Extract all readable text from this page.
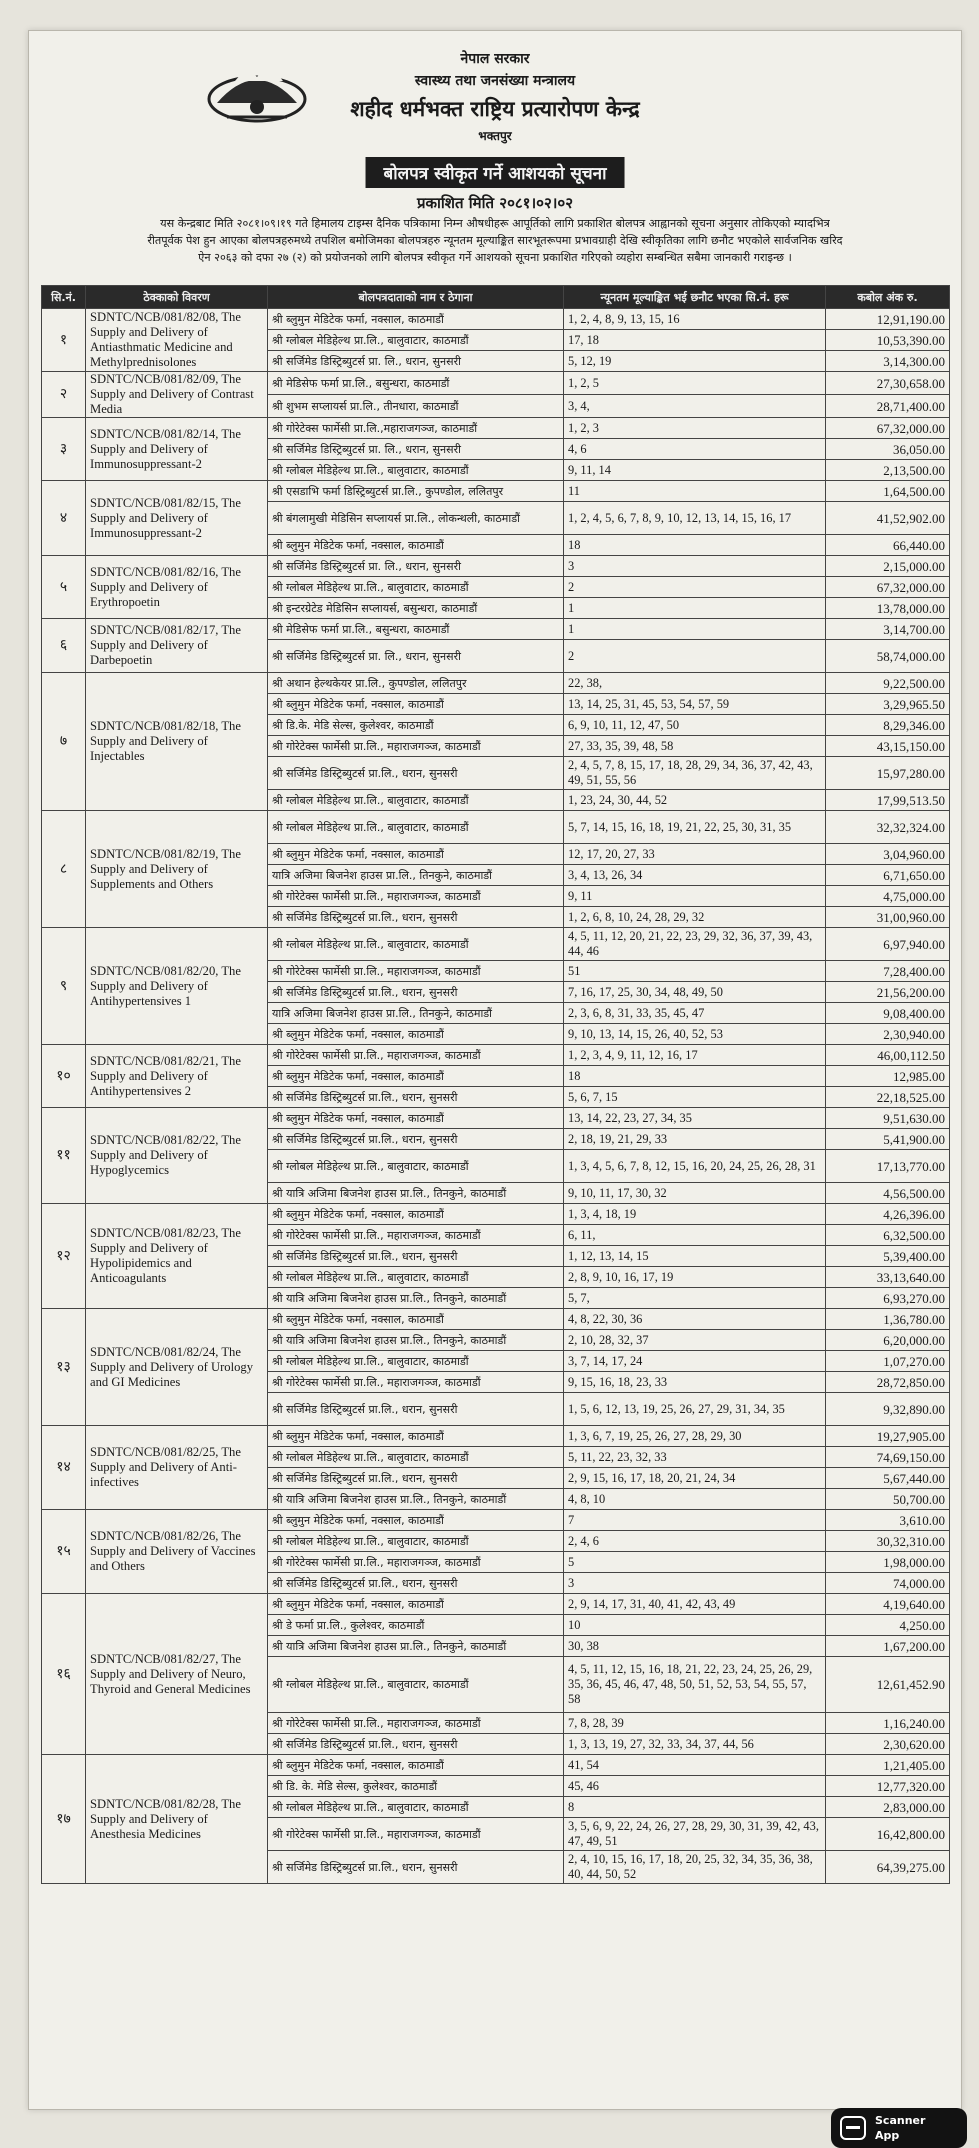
नेपाल सरकार
स्वास्थ्य तथा जनसंख्या मन्त्रालय
शहीद धर्मभक्त राष्ट्रिय प्रत्यारोपण केन्द्र
भक्तपुर
बोलपत्र स्वीकृत गर्ने आशयको सूचना
प्रकाशित मिति २०८१।०२।०२
यस केन्द्रबाट मिति २०८१।०९।१९ गते हिमालय टाइम्स दैनिक पत्रिकामा निम्न औषधीहरू आपूर्तिको लागि प्रकाशित बोलपत्र आह्वानको सूचना अनुसार तोकिएको म्यादभित्र
रीतपूर्वक पेश हुन आएका बोलपत्रहरुमध्ये तपशिल बमोजिमका बोलपत्रहरु न्यूनतम मूल्याङ्कित सारभूतरूपमा प्रभावग्राही देखि स्वीकृतिका लागि छनौट भएकोले सार्वजनिक खरिद
ऐन २०६३ को दफा २७ (२) को प्रयोजनको लागि बोलपत्र स्वीकृत गर्ने आशयको सूचना प्रकाशित गरिएको व्यहोरा सम्बन्धित सबैमा जानकारी गराइन्छ ।
सि.नं.	ठेक्काको विवरण	बोलपत्रदाताको नाम र ठेगाना	न्यूनतम मूल्याङ्कित भई छनौट भएका सि.नं. हरू	कबोल अंक रु.
१	SDNTC/NCB/081/82/08, The Supply and Delivery of Antiasthmatic Medicine and Methylprednisolones	श्री ब्लुमुन मेडिटेक फर्मा, नक्साल, काठमाडौं	1, 2, 4, 8, 9, 13, 15, 16	12,91,190.00
		श्री ग्लोबल मेडिहेल्थ प्रा.लि., बालुवाटार, काठमाडौं	17, 18	10,53,390.00
		श्री सर्जिमेड डिस्ट्रिब्युटर्स प्रा. लि., धरान, सुनसरी	5, 12, 19	3,14,300.00
२	SDNTC/NCB/081/82/09, The Supply and Delivery of Contrast Media	श्री मेडिसेफ फर्मा प्रा.लि., बसुन्धरा, काठमाडौं	1, 2, 5	27,30,658.00
		श्री शुभम सप्लायर्स प्रा.लि., तीनधारा, काठमाडौं	3, 4,	28,71,400.00
३	SDNTC/NCB/081/82/14, The Supply and Delivery of Immunosuppressant-2	श्री गोरेटेक्स फार्मेसी प्रा.लि.,महाराजगञ्ज, काठमाडौं	1, 2, 3	67,32,000.00
		श्री सर्जिमेड डिस्ट्रिब्युटर्स प्रा. लि., धरान, सुनसरी	4, 6	36,050.00
		श्री ग्लोबल मेडिहेल्थ प्रा.लि., बालुवाटार, काठमाडौं	9, 11, 14	2,13,500.00
४	SDNTC/NCB/081/82/15, The Supply and Delivery of Immunosuppressant-2	श्री एसडाभि फर्मा डिस्ट्रिब्युटर्स प्रा.लि., कुपण्डोल, ललितपुर	11	1,64,500.00
		श्री बंगलामुखी मेडिसिन सप्लायर्स प्रा.लि., लोकन्थली, काठमाडौं	1, 2, 4, 5, 6, 7, 8, 9, 10, 12, 13, 14, 15, 16, 17	41,52,902.00
		श्री ब्लुमुन मेडिटेक फर्मा, नक्साल, काठमाडौं	18	66,440.00
५	SDNTC/NCB/081/82/16, The Supply and Delivery of Erythropoetin	श्री सर्जिमेड डिस्ट्रिब्युटर्स प्रा. लि., धरान, सुनसरी	3	2,15,000.00
		श्री ग्लोबल मेडिहेल्थ प्रा.लि., बालुवाटार, काठमाडौं	2	67,32,000.00
		श्री इन्टरग्रेटेड मेडिसिन सप्लायर्स, बसुन्धरा, काठमाडौं	1	13,78,000.00
६	SDNTC/NCB/081/82/17, The Supply and Delivery of Darbepoetin	श्री मेडिसेफ फर्मा प्रा.लि., बसुन्धरा, काठमाडौं	1	3,14,700.00
		श्री सर्जिमेड डिस्ट्रिब्युटर्स प्रा. लि., धरान, सुनसरी	2	58,74,000.00
७	SDNTC/NCB/081/82/18, The Supply and Delivery of Injectables	श्री अथान हेल्थकेयर प्रा.लि., कुपण्डोल, ललितपुर	22, 38,	9,22,500.00
		श्री ब्लुमुन मेडिटेक फर्मा, नक्साल, काठमाडौं	13, 14, 25, 31, 45, 53, 54, 57, 59	3,29,965.50
		श्री डि.के. मेडि सेल्स, कुलेश्वर, काठमाडौं	6, 9, 10, 11, 12, 47, 50	8,29,346.00
		श्री गोरेटेक्स फार्मेसी प्रा.लि., महाराजगञ्ज, काठमाडौं	27, 33, 35, 39, 48, 58	43,15,150.00
		श्री सर्जिमेड डिस्ट्रिब्युटर्स प्रा.लि., धरान, सुनसरी	2, 4, 5, 7, 8, 15, 17, 18, 28, 29, 34, 36, 37, 42, 43, 49, 51, 55, 56	15,97,280.00
		श्री ग्लोबल मेडिहेल्थ प्रा.लि., बालुवाटार, काठमाडौं	1, 23, 24, 30, 44, 52	17,99,513.50
८	SDNTC/NCB/081/82/19, The Supply and Delivery of Supplements and Others	श्री ग्लोबल मेडिहेल्थ प्रा.लि., बालुवाटार, काठमाडौं	5, 7, 14, 15, 16, 18, 19, 21, 22, 25, 30, 31, 35	32,32,324.00
		श्री ब्लुमुन मेडिटेक फर्मा, नक्साल, काठमाडौं	12, 17, 20, 27, 33	3,04,960.00
		यात्रि अजिमा बिजनेश हाउस प्रा.लि., तिनकुने, काठमाडौं	3, 4, 13, 26, 34	6,71,650.00
		श्री गोरेटेक्स फार्मेसी प्रा.लि., महाराजगञ्ज, काठमाडौं	9, 11	4,75,000.00
		श्री सर्जिमेड डिस्ट्रिब्युटर्स प्रा.लि., धरान, सुनसरी	1, 2, 6, 8, 10, 24, 28, 29, 32	31,00,960.00
९	SDNTC/NCB/081/82/20, The Supply and Delivery of Antihypertensives 1	श्री ग्लोबल मेडिहेल्थ प्रा.लि., बालुवाटार, काठमाडौं	4, 5, 11, 12, 20, 21, 22, 23, 29, 32, 36, 37, 39, 43, 44, 46	6,97,940.00
		श्री गोरेटेक्स फार्मेसी प्रा.लि., महाराजगञ्ज, काठमाडौं	51	7,28,400.00
		श्री सर्जिमेड डिस्ट्रिब्युटर्स प्रा.लि., धरान, सुनसरी	7, 16, 17, 25, 30, 34, 48, 49, 50	21,56,200.00
		यात्रि अजिमा बिजनेश हाउस प्रा.लि., तिनकुने, काठमाडौं	2, 3, 6, 8, 31, 33, 35, 45, 47	9,08,400.00
		श्री ब्लुमुन मेडिटेक फर्मा, नक्साल, काठमाडौं	9, 10, 13, 14, 15, 26, 40, 52, 53	2,30,940.00
१०	SDNTC/NCB/081/82/21, The Supply and Delivery of Antihypertensives 2	श्री गोरेटेक्स फार्मेसी प्रा.लि., महाराजगञ्ज, काठमाडौं	1, 2, 3, 4, 9, 11, 12, 16, 17	46,00,112.50
		श्री ब्लुमुन मेडिटेक फर्मा, नक्साल, काठमाडौं	18	12,985.00
		श्री सर्जिमेड डिस्ट्रिब्युटर्स प्रा.लि., धरान, सुनसरी	5, 6, 7, 15	22,18,525.00
११	SDNTC/NCB/081/82/22, The Supply and Delivery of Hypoglycemics	श्री ब्लुमुन मेडिटेक फर्मा, नक्साल, काठमाडौं	13, 14, 22, 23, 27, 34, 35	9,51,630.00
		श्री सर्जिमेड डिस्ट्रिब्युटर्स प्रा.लि., धरान, सुनसरी	2, 18, 19, 21, 29, 33	5,41,900.00
		श्री ग्लोबल मेडिहेल्थ प्रा.लि., बालुवाटार, काठमाडौं	1, 3, 4, 5, 6, 7, 8, 12, 15, 16, 20, 24, 25, 26, 28, 31	17,13,770.00
		श्री यात्रि अजिमा बिजनेश हाउस प्रा.लि., तिनकुने, काठमाडौं	9, 10, 11, 17, 30, 32	4,56,500.00
१२	SDNTC/NCB/081/82/23, The Supply and Delivery of Hypolipidemics and Anticoagulants	श्री ब्लुमुन मेडिटेक फर्मा, नक्साल, काठमाडौं	1, 3, 4, 18, 19	4,26,396.00
		श्री गोरेटेक्स फार्मेसी प्रा.लि., महाराजगञ्ज, काठमाडौं	6, 11,	6,32,500.00
		श्री सर्जिमेड डिस्ट्रिब्युटर्स प्रा.लि., धरान, सुनसरी	1, 12, 13, 14, 15	5,39,400.00
		श्री ग्लोबल मेडिहेल्थ प्रा.लि., बालुवाटार, काठमाडौं	2, 8, 9, 10, 16, 17, 19	33,13,640.00
		श्री यात्रि अजिमा बिजनेश हाउस प्रा.लि., तिनकुने, काठमाडौं	5, 7,	6,93,270.00
१३	SDNTC/NCB/081/82/24, The Supply and Delivery of Urology and GI Medicines	श्री ब्लुमुन मेडिटेक फर्मा, नक्साल, काठमाडौं	4, 8, 22, 30, 36	1,36,780.00
		श्री यात्रि अजिमा बिजनेश हाउस प्रा.लि., तिनकुने, काठमाडौं	2, 10, 28, 32, 37	6,20,000.00
		श्री ग्लोबल मेडिहेल्थ प्रा.लि., बालुवाटार, काठमाडौं	3, 7, 14, 17, 24	1,07,270.00
		श्री गोरेटेक्स फार्मेसी प्रा.लि., महाराजगञ्ज, काठमाडौं	9, 15, 16, 18, 23, 33	28,72,850.00
		श्री सर्जिमेड डिस्ट्रिब्युटर्स प्रा.लि., धरान, सुनसरी	1, 5, 6, 12, 13, 19, 25, 26, 27, 29, 31, 34, 35	9,32,890.00
१४	SDNTC/NCB/081/82/25, The Supply and Delivery of Anti-infectives	श्री ब्लुमुन मेडिटेक फर्मा, नक्साल, काठमाडौं	1, 3, 6, 7, 19, 25, 26, 27, 28, 29, 30	19,27,905.00
		श्री ग्लोबल मेडिहेल्थ प्रा.लि., बालुवाटार, काठमाडौं	5, 11, 22, 23, 32, 33	74,69,150.00
		श्री सर्जिमेड डिस्ट्रिब्युटर्स प्रा.लि., धरान, सुनसरी	2, 9, 15, 16, 17, 18, 20, 21, 24, 34	5,67,440.00
		श्री यात्रि अजिमा बिजनेश हाउस प्रा.लि., तिनकुने, काठमाडौं	4, 8, 10	50,700.00
१५	SDNTC/NCB/081/82/26, The Supply and Delivery of Vaccines and Others	श्री ब्लुमुन मेडिटेक फर्मा, नक्साल, काठमाडौं	7	3,610.00
		श्री ग्लोबल मेडिहेल्थ प्रा.लि., बालुवाटार, काठमाडौं	2, 4, 6	30,32,310.00
		श्री गोरेटेक्स फार्मेसी प्रा.लि., महाराजगञ्ज, काठमाडौं	5	1,98,000.00
		श्री सर्जिमेड डिस्ट्रिब्युटर्स प्रा.लि., धरान, सुनसरी	3	74,000.00
१६	SDNTC/NCB/081/82/27, The Supply and Delivery of Neuro, Thyroid and General Medicines	श्री ब्लुमुन मेडिटेक फर्मा, नक्साल, काठमाडौं	2, 9, 14, 17, 31, 40, 41, 42, 43, 49	4,19,640.00
		श्री डे फर्मा प्रा.लि., कुलेश्वर, काठमाडौं	10	4,250.00
		श्री यात्रि अजिमा बिजनेश हाउस प्रा.लि., तिनकुने, काठमाडौं	30, 38	1,67,200.00
		श्री ग्लोबल मेडिहेल्थ प्रा.लि., बालुवाटार, काठमाडौं	4, 5, 11, 12, 15, 16, 18, 21, 22, 23, 24, 25, 26, 29, 35, 36, 45, 46, 47, 48, 50, 51, 52, 53, 54, 55, 57, 58	12,61,452.90
		श्री गोरेटेक्स फार्मेसी प्रा.लि., महाराजगञ्ज, काठमाडौं	7, 8, 28, 39	1,16,240.00
		श्री सर्जिमेड डिस्ट्रिब्युटर्स प्रा.लि., धरान, सुनसरी	1, 3, 13, 19, 27, 32, 33, 34, 37, 44, 56	2,30,620.00
१७	SDNTC/NCB/081/82/28, The Supply and Delivery of Anesthesia Medicines	श्री ब्लुमुन मेडिटेक फर्मा, नक्साल, काठमाडौं	41, 54	1,21,405.00
		श्री डि. के. मेडि सेल्स, कुलेश्वर, काठमाडौं	45, 46	12,77,320.00
		श्री ग्लोबल मेडिहेल्थ प्रा.लि., बालुवाटार, काठमाडौं	8	2,83,000.00
		श्री गोरेटेक्स फार्मेसी प्रा.लि., महाराजगञ्ज, काठमाडौं	3, 5, 6, 9, 22, 24, 26, 27, 28, 29, 30, 31, 39, 42, 43, 47, 49, 51	16,42,800.00
		श्री सर्जिमेड डिस्ट्रिब्युटर्स प्रा.लि., धरान, सुनसरी	2, 4, 10, 15, 16, 17, 18, 20, 25, 32, 34, 35, 36, 38, 40, 44, 50, 52	64,39,275.00
Scanner
App
